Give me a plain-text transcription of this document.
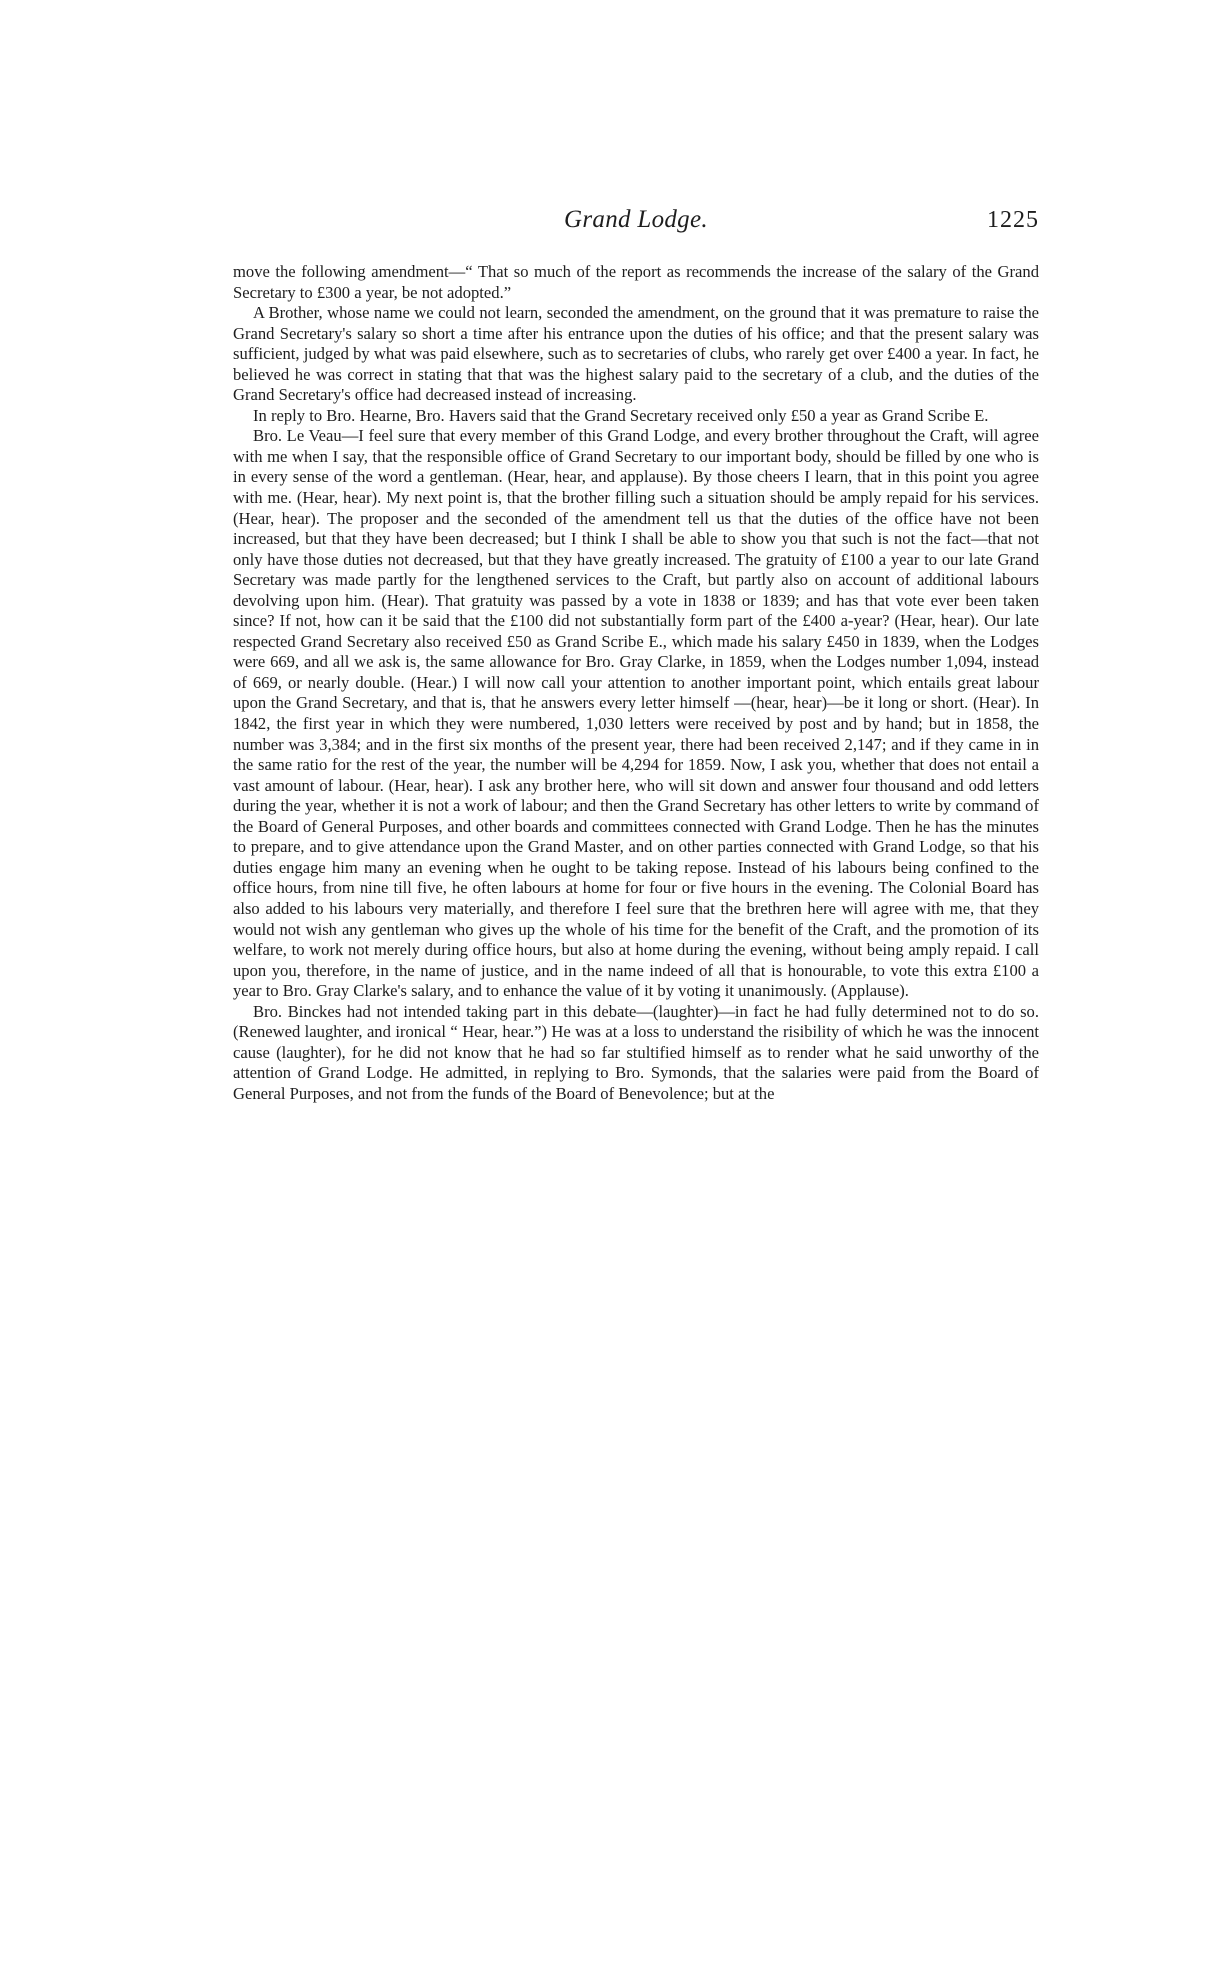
Grand Lodge.	1225

move the following amendment—“ That so much of the report as recommends the increase of the salary of the Grand Secretary to £300 a year, be not adopted.”

A Brother, whose name we could not learn, seconded the amendment, on the ground that it was premature to raise the Grand Secretary's salary so short a time after his entrance upon the duties of his office; and that the present salary was sufficient, judged by what was paid elsewhere, such as to secretaries of clubs, who rarely get over £400 a year. In fact, he believed he was correct in stating that that was the highest salary paid to the secretary of a club, and the duties of the Grand Secretary's office had decreased instead of increasing.

In reply to Bro. Hearne, Bro. Havers said that the Grand Secretary received only £50 a year as Grand Scribe E.

Bro. Le Veau—I feel sure that every member of this Grand Lodge, and every brother throughout the Craft, will agree with me when I say, that the responsible office of Grand Secretary to our important body, should be filled by one who is in every sense of the word a gentleman. (Hear, hear, and applause). By those cheers I learn, that in this point you agree with me. (Hear, hear). My next point is, that the brother filling such a situation should be amply repaid for his services. (Hear, hear). The proposer and the seconded of the amendment tell us that the duties of the office have not been increased, but that they have been decreased; but I think I shall be able to show you that such is not the fact—that not only have those duties not decreased, but that they have greatly increased. The gratuity of £100 a year to our late Grand Secretary was made partly for the lengthened services to the Craft, but partly also on account of additional labours devolving upon him. (Hear). That gratuity was passed by a vote in 1838 or 1839; and has that vote ever been taken since? If not, how can it be said that the £100 did not substantially form part of the £400 a-year? (Hear, hear). Our late respected Grand Secretary also received £50 as Grand Scribe E., which made his salary £450 in 1839, when the Lodges were 669, and all we ask is, the same allowance for Bro. Gray Clarke, in 1859, when the Lodges number 1,094, instead of 669, or nearly double. (Hear.) I will now call your attention to another important point, which entails great labour upon the Grand Secretary, and that is, that he answers every letter himself —(hear, hear)—be it long or short. (Hear). In 1842, the first year in which they were numbered, 1,030 letters were received by post and by hand; but in 1858, the number was 3,384; and in the first six months of the present year, there had been received 2,147; and if they came in in the same ratio for the rest of the year, the number will be 4,294 for 1859. Now, I ask you, whether that does not entail a vast amount of labour. (Hear, hear). I ask any brother here, who will sit down and answer four thousand and odd letters during the year, whether it is not a work of labour; and then the Grand Secretary has other letters to write by command of the Board of General Purposes, and other boards and committees connected with Grand Lodge. Then he has the minutes to prepare, and to give attendance upon the Grand Master, and on other parties connected with Grand Lodge, so that his duties engage him many an evening when he ought to be taking repose. Instead of his labours being confined to the office hours, from nine till five, he often labours at home for four or five hours in the evening. The Colonial Board has also added to his labours very materially, and therefore I feel sure that the brethren here will agree with me, that they would not wish any gentleman who gives up the whole of his time for the benefit of the Craft, and the promotion of its welfare, to work not merely during office hours, but also at home during the evening, without being amply repaid. I call upon you, therefore, in the name of justice, and in the name indeed of all that is honourable, to vote this extra £100 a year to Bro. Gray Clarke's salary, and to enhance the value of it by voting it unanimously. (Applause).

Bro. Binckes had not intended taking part in this debate—(laughter)—in fact he had fully determined not to do so. (Renewed laughter, and ironical “ Hear, hear.”) He was at a loss to understand the risibility of which he was the innocent cause (laughter), for he did not know that he had so far stultified himself as to render what he said unworthy of the attention of Grand Lodge. He admitted, in replying to Bro. Symonds, that the salaries were paid from the Board of General Purposes, and not from the funds of the Board of Benevolence; but at the
